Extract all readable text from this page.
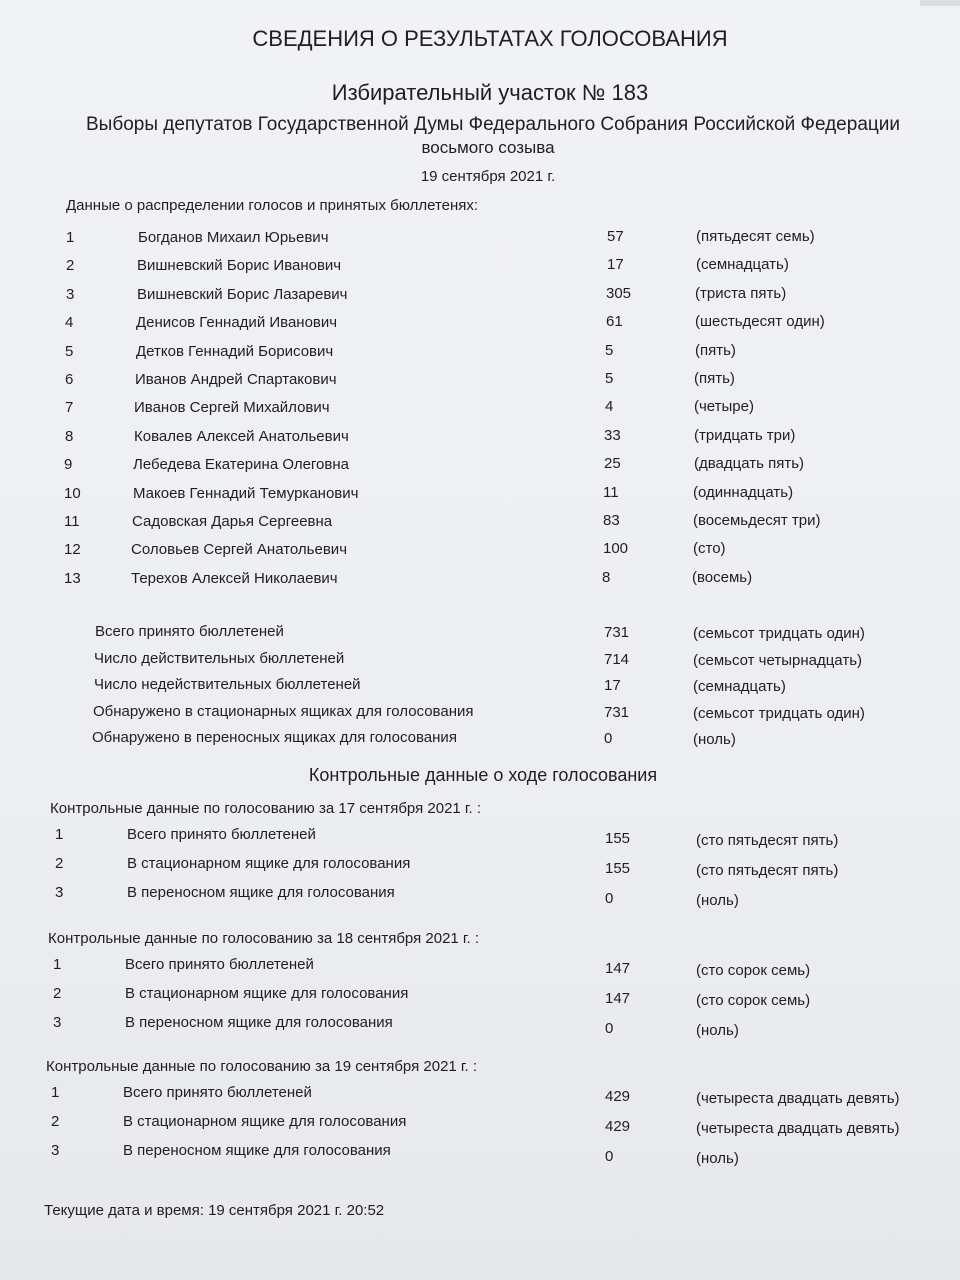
СВЕДЕНИЯ О РЕЗУЛЬТАТАХ ГОЛОСОВАНИЯ
Избирательный участок № 183
Выборы депутатов Государственной Думы Федерального Собрания Российской Федерации
восьмого созыва
19 сентября 2021 г.
Данные о распределении голосов и принятых бюллетенях:
1	Богданов Михаил Юрьевич	57	(пятьдесят семь)
2	Вишневский Борис Иванович	17	(семнадцать)
3	Вишневский Борис Лазаревич	305	(триста пять)
4	Денисов Геннадий Иванович	61	(шестьдесят один)
5	Детков Геннадий Борисович	5	(пять)
6	Иванов Андрей Спартакович	5	(пять)
7	Иванов Сергей Михайлович	4	(четыре)
8	Ковалев Алексей Анатольевич	33	(тридцать три)
9	Лебедева Екатерина Олеговна	25	(двадцать пять)
10	Макоев Геннадий Темурканович	11	(одиннадцать)
11	Садовская Дарья Сергеевна	83	(восемьдесят три)
12	Соловьев Сергей Анатольевич	100	(сто)
13	Терехов Алексей Николаевич	8	(восемь)
Всего принято бюллетеней	731	(семьсот тридцать один)
Число действительных бюллетеней	714	(семьсот четырнадцать)
Число недействительных бюллетеней	17	(семнадцать)
Обнаружено в стационарных ящиках для голосования	731	(семьсот тридцать один)
Обнаружено в переносных ящиках для голосования	0	(ноль)
Контрольные данные о ходе голосования
Контрольные данные по голосованию за 17 сентября 2021 г. :
1	Всего принято бюллетеней	155	(сто пятьдесят пять)
2	В стационарном ящике для голосования	155	(сто пятьдесят пять)
3	В переносном ящике для голосования	0	(ноль)
Контрольные данные по голосованию за 18 сентября 2021 г. :
1	Всего принято бюллетеней	147	(сто сорок семь)
2	В стационарном ящике для голосования	147	(сто сорок семь)
3	В переносном ящике для голосования	0	(ноль)
Контрольные данные по голосованию за 19 сентября 2021 г. :
1	Всего принято бюллетеней	429	(четыреста двадцать девять)
2	В стационарном ящике для голосования	429	(четыреста двадцать девять)
3	В переносном ящике для голосования	0	(ноль)
Текущие дата и время: 19 сентября 2021 г. 20:52
